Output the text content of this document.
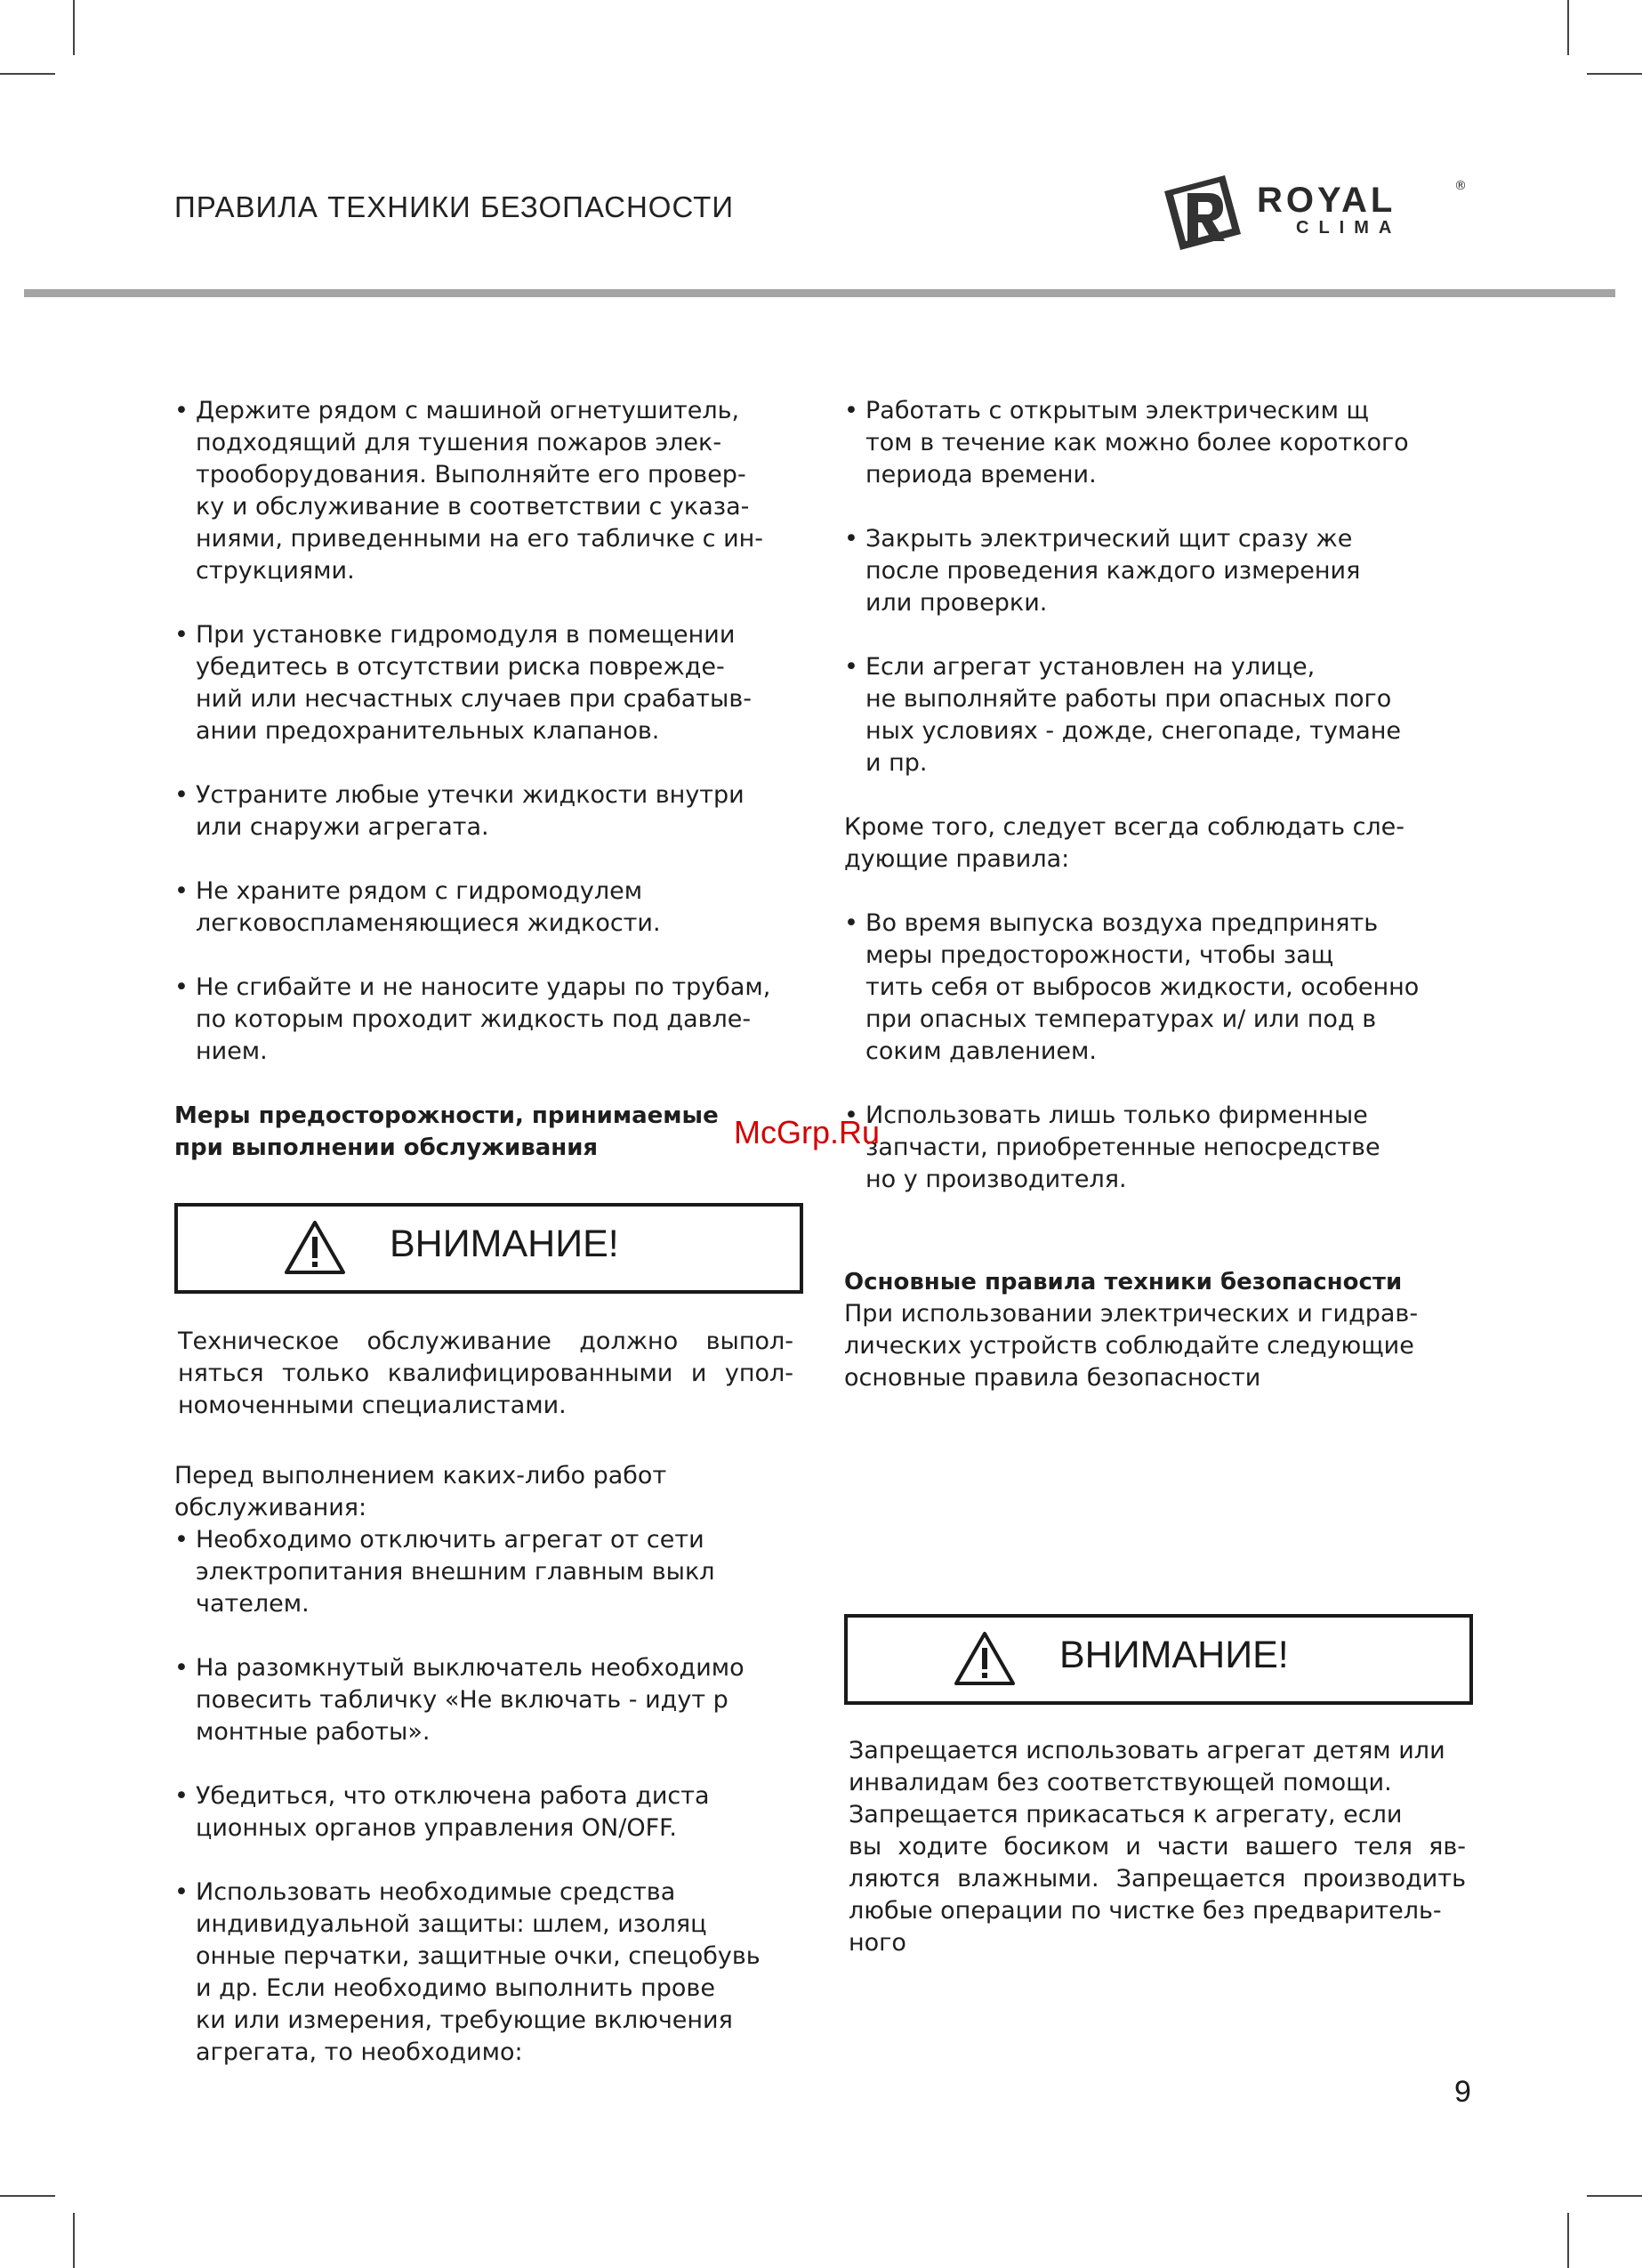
ПРАВИЛА ТЕХНИКИ БЕЗОПАСНОСТИ	ROYAL	®
CLIMA
• Держите рядом с машиной огнетушитель,
подходящий для тушения пожаров элек-
трооборудования. Выполняйте его провер-
ку и обслуживание в соответствии с указа-
ниями, приведенными на его табличке с ин-
струкциями.
• При установке гидромодуля в помещении
убедитесь в отсутствии риска поврежде-
ний или несчастных случаев при срабатыв-
ании предохранительных клапанов.
• Устраните любые утечки жидкости внутри
или снаружи агрегата.
• Не храните рядом с гидромодулем
легковоспламеняющиеся жидкости.
• Не сгибайте и не наносите удары по трубам,
по которым проходит жидкость под давле-
нием.
Меры предосторожности, принимаемые
при выполнении обслуживания
ВНИМАНИЕ!
Техническое обслуживание должно выпол-
няться только квалифицированными и упол-
номоченными специалистами.
Перед выполнением каких-либо работ
обслуживания:
• Необходимо отключить агрегат от сети
электропитания внешним главным выкл
чателем.
• На разомкнутый выключатель необходимо
повесить табличку «Не включать - идут р
монтные работы».
• Убедиться, что отключена работа диста
ционных органов управления ON/OFF.
• Использовать необходимые средства
индивидуальной защиты: шлем, изоляц
онные перчатки, защитные очки, спецобувь
и др. Если необходимо выполнить прове
ки или измерения, требующие включения
агрегата, то необходимо:
• Работать с открытым электрическим щ
том в течение как можно более короткого
периода времени.
• Закрыть электрический щит сразу же
после проведения каждого измерения
или проверки.
• Если агрегат установлен на улице,
не выполняйте работы при опасных пого
ных условиях - дожде, снегопаде, тумане
и пр.
Кроме того, следует всегда соблюдать сле-
дующие правила:
• Во время выпуска воздуха предпринять
меры предосторожности, чтобы защ
тить себя от выбросов жидкости, особенно
при опасных температурах и/ или под в
соким давлением.
• Использовать лишь только фирменные
запчасти, приобретенные непосредстве
но у производителя.
Основные правила техники безопасности
При использовании электрических и гидрав-
лических устройств соблюдайте следующие
основные правила безопасности
ВНИМАНИЕ!
Запрещается использовать агрегат детям или
инвалидам без соответствующей помощи.
Запрещается прикасаться к агрегату, если
вы ходите босиком и части вашего теля яв-
ляются влажными. Запрещается производить
любые операции по чистке без предваритель-
ного
McGrp.Ru
9
